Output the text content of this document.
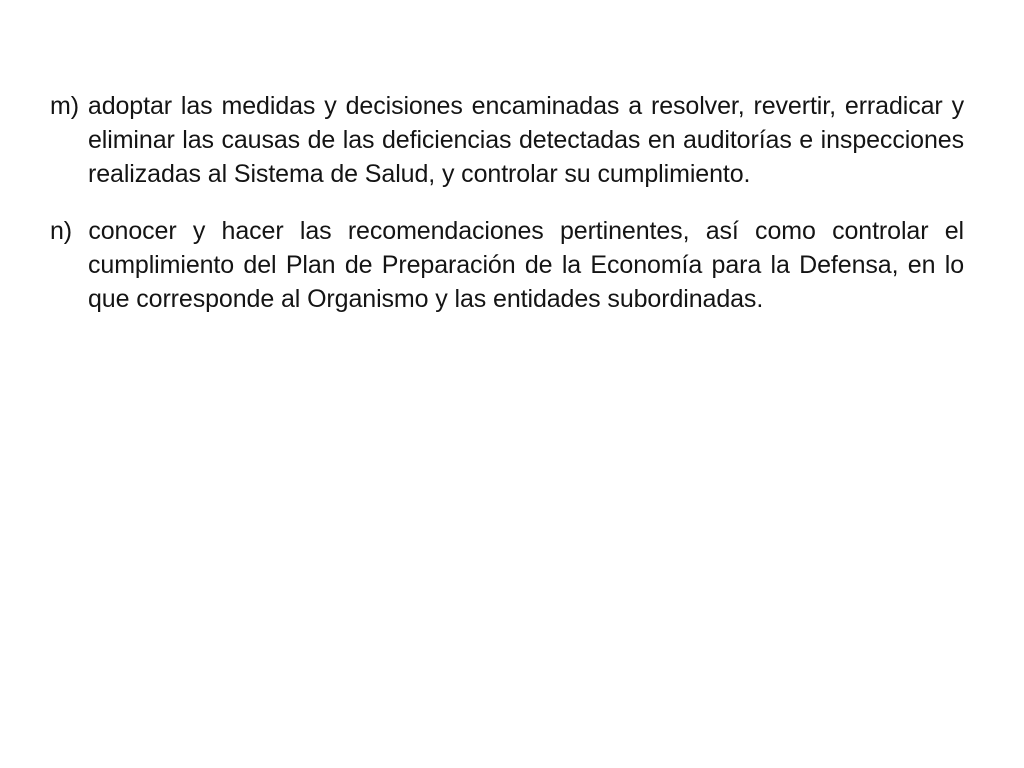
m) adoptar las medidas y decisiones encaminadas a resolver, revertir, erradicar y eliminar las causas de las deficiencias detectadas en auditorías e inspecciones realizadas al Sistema de Salud, y controlar su cumplimiento.

n) conocer y hacer las recomendaciones pertinentes, así como controlar el cumplimiento del Plan de Preparación de la Economía para la Defensa, en lo que corresponde al Organismo y las entidades subordinadas.
